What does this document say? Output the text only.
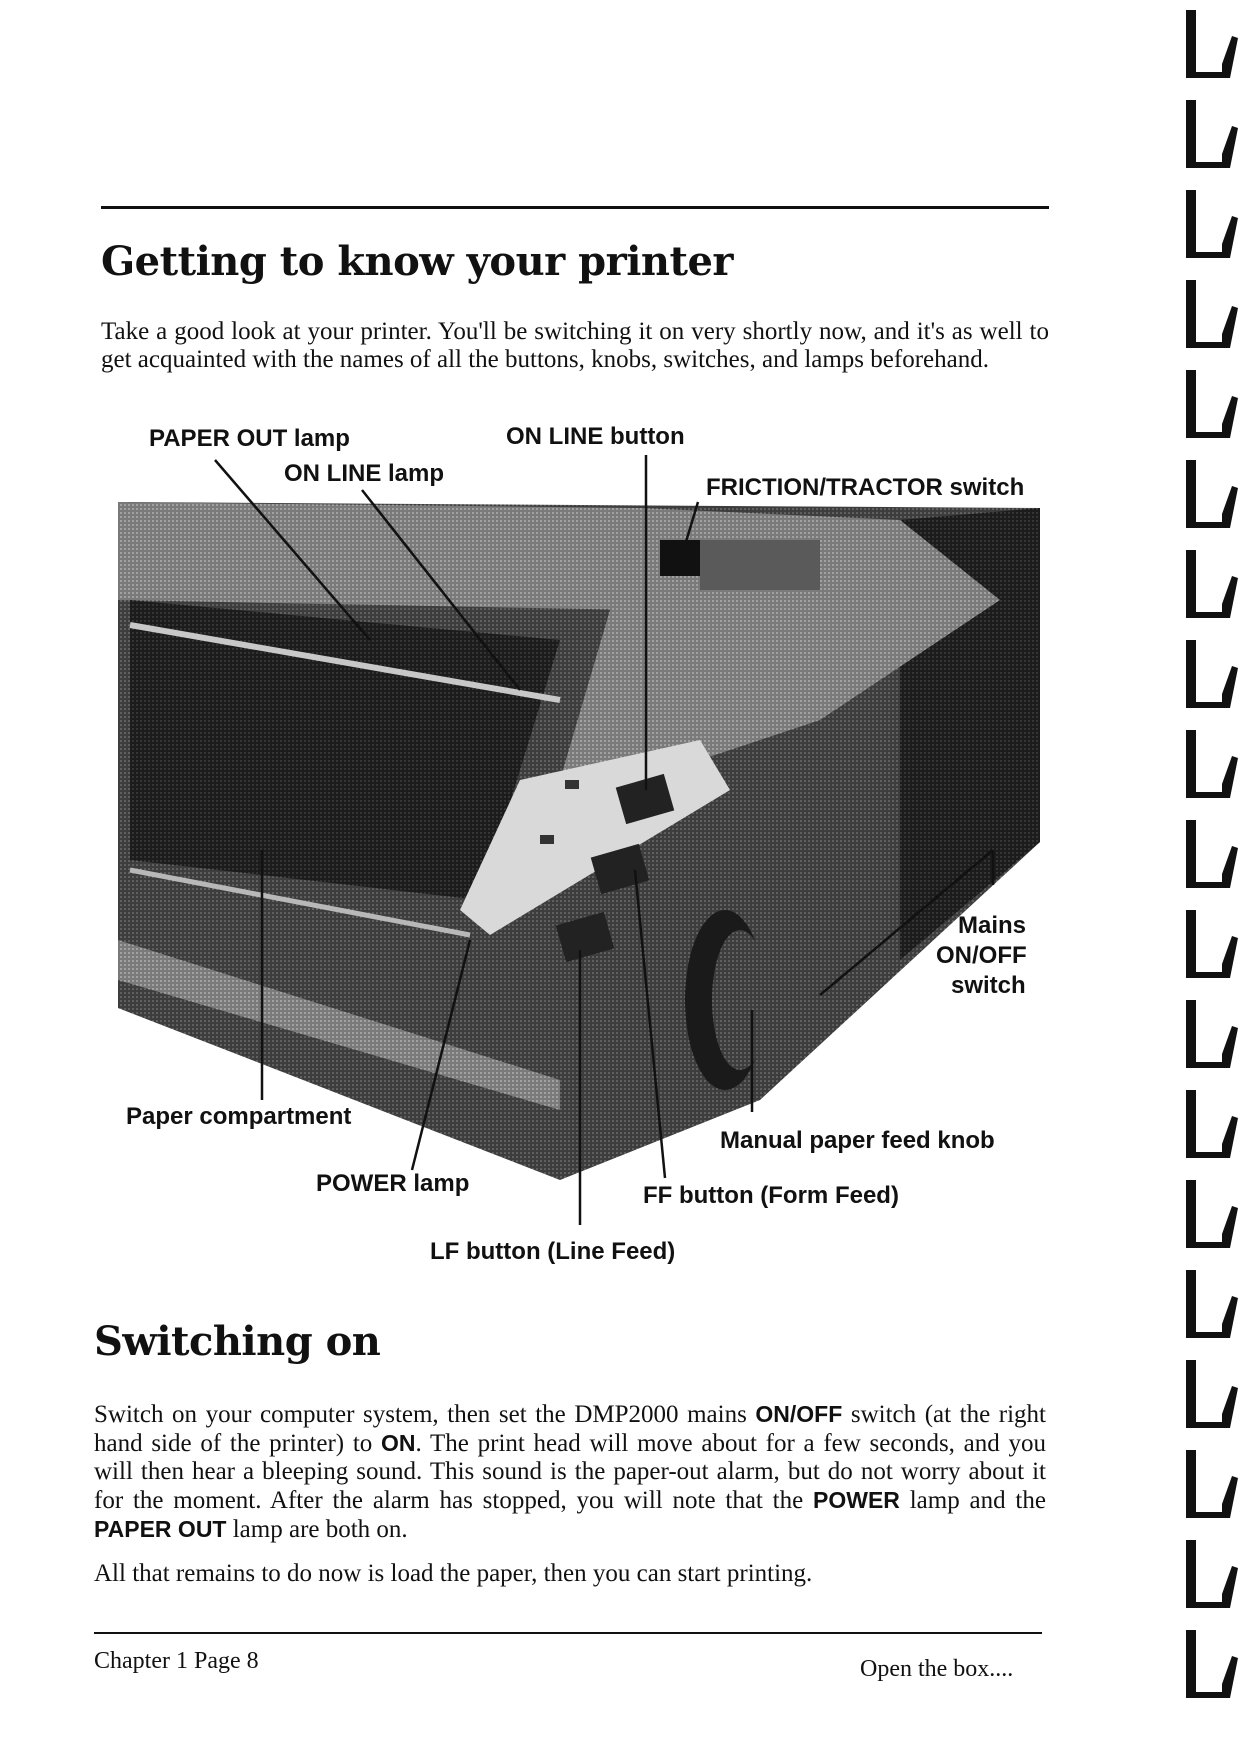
Getting to know your printer

Take a good look at your printer. You'll be switching it on very shortly now, and it's as well to get acquainted with the names of all the buttons, knobs, switches, and lamps beforehand.

PAPER OUT lamp
ON LINE lamp
ON LINE button
FRICTION/TRACTOR switch
Mains
ON/OFF
switch
Paper compartment
Manual paper feed knob
POWER lamp	FF button (Form Feed)
LF button (Line Feed)
Switching on

Switch on your computer system, then set the DMP2000 mains ON/OFF switch (at the right hand side of the printer) to ON. The print head will move about for a few seconds, and you will then hear a bleeping sound. This sound is the paper-out alarm, but do not worry about it for the moment. After the alarm has stopped, you will note that the POWER lamp and the PAPER OUT lamp are both on.

All that remains to do now is load the paper, then you can start printing.

Chapter 1 Page 8	Open the box....
